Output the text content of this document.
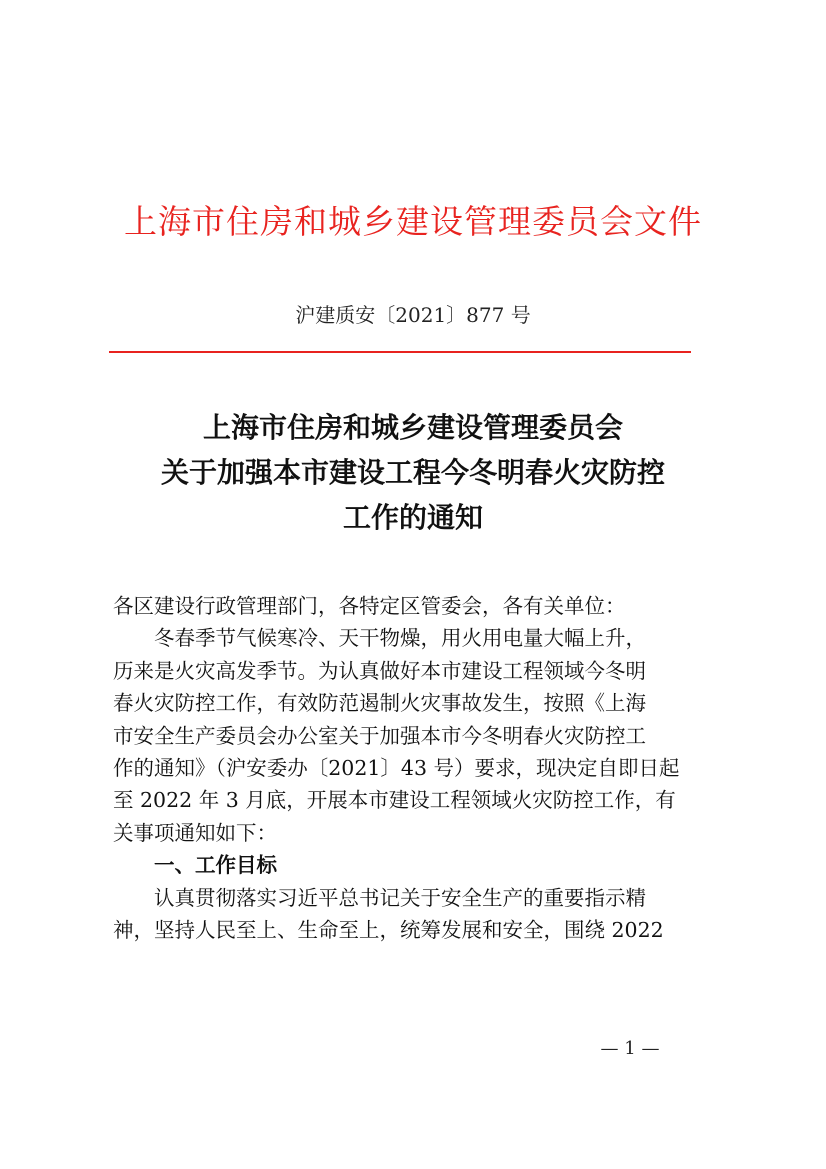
上海市住房和城乡建设管理委员会文件
沪建质安〔2021〕877 号
上海市住房和城乡建设管理委员会
关于加强本市建设工程今冬明春火灾防控
工作的通知
各区建设行政管理部门，各特定区管委会，各有关单位：
冬春季节气候寒冷、天干物燥，用火用电量大幅上升，
历来是火灾高发季节。为认真做好本市建设工程领域今冬明
春火灾防控工作，有效防范遏制火灾事故发生，按照《上海
市安全生产委员会办公室关于加强本市今冬明春火灾防控工
作的通知》（沪安委办〔2021〕43 号）要求，现决定自即日起
至 2022 年 3 月底，开展本市建设工程领域火灾防控工作，有
关事项通知如下：
一、工作目标
认真贯彻落实习近平总书记关于安全生产的重要指示精
神，坚持人民至上、生命至上，统筹发展和安全，围绕 2022
— 1 —
